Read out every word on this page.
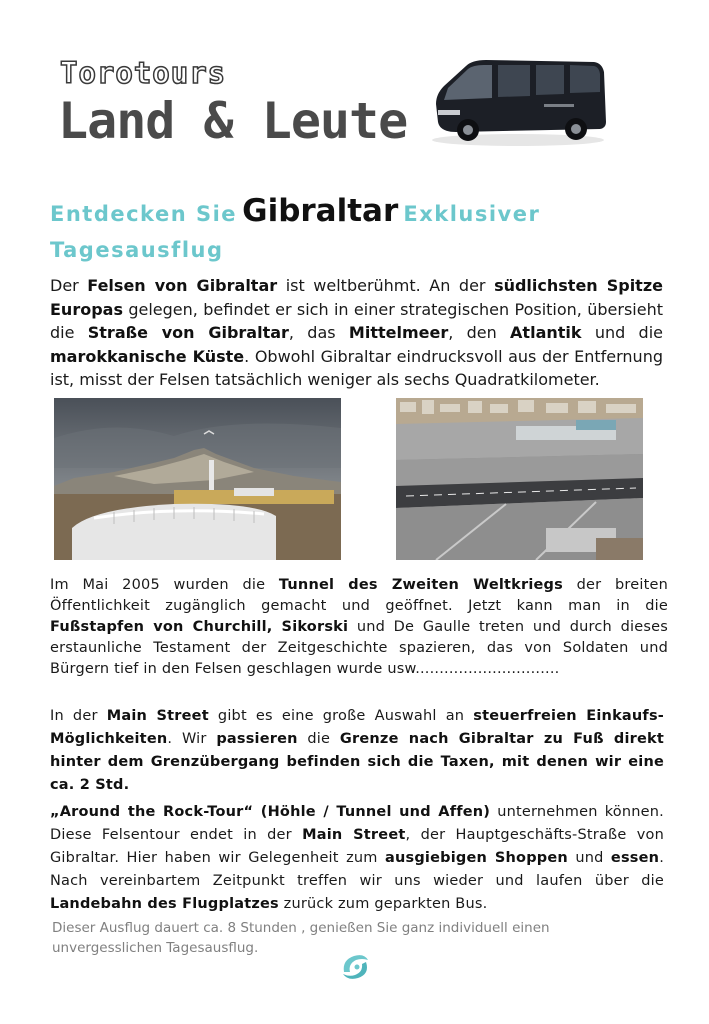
Torotours
Land & Leute
Entdecken Sie Gibraltar Exklusiver Tagesausflug

Der Felsen von Gibraltar ist weltberühmt. An der südlichsten Spitze Europas gelegen, befindet er sich in einer strategischen Position, übersieht die Straße von Gibraltar, das Mittelmeer, den Atlantik und die marokkanische Küste. Obwohl Gibraltar eindrucksvoll aus der Entfernung ist, misst der Felsen tatsächlich weniger als sechs Quadratkilometer.

Im Mai 2005 wurden die Tunnel des Zweiten Weltkriegs der breiten Öffentlichkeit zugänglich gemacht und geöffnet. Jetzt kann man in die Fußstapfen von Churchill, Sikorski und De Gaulle treten und durch dieses erstaunliche Testament der Zeitgeschichte spazieren, das von Soldaten und Bürgern tief in den Felsen geschlagen wurde usw..............................

In der Main Street gibt es eine große Auswahl an steuerfreien Einkaufs-Möglichkeiten. Wir passieren die Grenze nach Gibraltar zu Fuß direkt hinter dem Grenzübergang befinden sich die Taxen, mit denen wir eine ca. 2 Std.
„Around the Rock-Tour“ (Höhle / Tunnel und Affen) unternehmen können. Diese Felsentour endet in der Main Street, der Hauptgeschäfts-Straße von Gibraltar. Hier haben wir Gelegenheit zum ausgiebigen Shoppen und essen. Nach vereinbartem Zeitpunkt treffen wir uns wieder und laufen über die Landebahn des Flugplatzes zurück zum geparkten Bus.

Dieser Ausflug dauert ca. 8 Stunden , genießen Sie ganz individuell einen unvergesslichen Tagesausflug.
